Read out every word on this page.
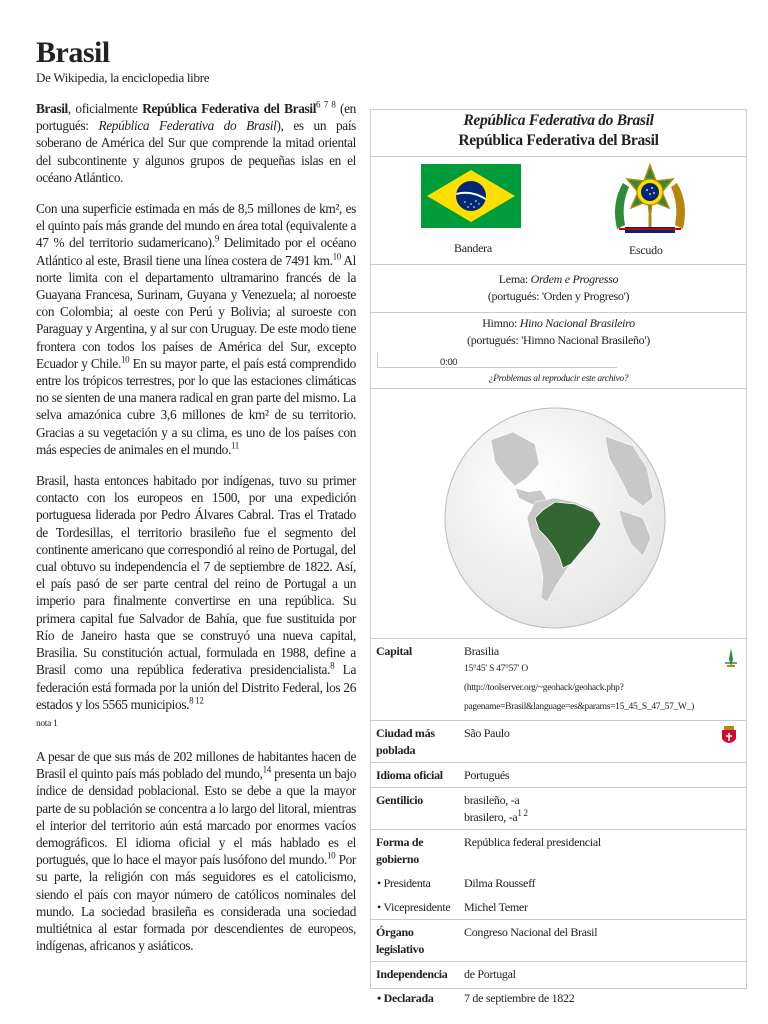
Brasil
De Wikipedia, la enciclopedia libre

Brasil, oficialmente República Federativa del Brasil$^{6 7 8}$ (en portugués: República Federativa do Brasil), es un país soberano de América del Sur que comprende la mitad oriental del subcontinente y algunos grupos de pequeñas islas en el océano Atlántico.

Con una superficie estimada en más de 8,5 millones de km², es el quinto país más grande del mundo en área total (equivalente a 47 % del territorio sudamericano).$^9$ Delimitado por el océano Atlántico al este, Brasil tiene una línea costera de 7491 km.$^{10}$ Al norte limita con el departamento ultramarino francés de la Guayana Francesa, Surinam, Guyana y Venezuela; al noroeste con Colombia; al oeste con Perú y Bolivia; al suroeste con Paraguay y Argentina, y al sur con Uruguay. De este modo tiene frontera con todos los países de América del Sur, excepto Ecuador y Chile.$^{10}$ En su mayor parte, el país está comprendido entre los trópicos terrestres, por lo que las estaciones climáticas no se sienten de una manera radical en gran parte del mismo. La selva amazónica cubre 3,6 millones de km² de su territorio. Gracias a su vegetación y a su clima, es uno de los países con más especies de animales en el mundo.$^{11}$

Brasil, hasta entonces habitado por indígenas, tuvo su primer contacto con los europeos en 1500, por una expedición portuguesa liderada por Pedro Álvares Cabral. Tras el Tratado de Tordesillas, el territorio brasileño fue el segmento del continente americano que correspondió al reino de Portugal, del cual obtuvo su independencia el 7 de septiembre de 1822. Así, el país pasó de ser parte central del reino de Portugal a un imperio para finalmente convertirse en una república. Su primera capital fue Salvador de Bahía, que fue sustituida por Río de Janeiro hasta que se construyó una nueva capital, Brasilia. Su constitución actual, formulada en 1988, define a Brasil como una república federativa presidencialista.$^8$ La federación está formada por la unión del Distrito Federal, los 26 estados y los 5565 municipios.$^{8 12}$
nota 1

A pesar de que sus más de 202 millones de habitantes hacen de Brasil el quinto país más poblado del mundo,$^{14}$ presenta un bajo índice de densidad poblacional. Esto se debe a que la mayor parte de su población se concentra a lo largo del litoral, mientras el interior del territorio aún está marcado por enormes vacíos demográficos. El idioma oficial y el más hablado es el portugués, que lo hace el mayor país lusófono del mundo.$^{10}$ Por su parte, la religión con más seguidores es el catolicismo, siendo el país con mayor número de católicos nominales del mundo. La sociedad brasileña es considerada una sociedad multiétnica al estar formada por descendientes de europeos, indígenas, africanos y asiáticos.

República Federativa do Brasil
República Federativa del Brasil
Bandera	Escudo
Lema: Ordem e Progresso
(portugués: 'Orden y Progreso')
Himno: Hino Nacional Brasileiro
(portugués: 'Himno Nacional Brasileño')
0:00
¿Problemas al reproducir este archivo?
Capital	Brasilia
15°45′ S 47°57′ O
(http://toolserver.org/~geohack/geohack.php?
pagename=Brasil&language=es&params=15_45_S_47_57_W_)

Ciudad más poblada	São Paulo

Idioma oficial	Portugués
Gentilicio	brasileño, -a
brasilero, $-a^{1 2}$

Forma de gobierno	República federal presidencial
• Presidenta	Dilma Rousseff
• Vicepresidente	Michel Temer
Órgano legislativo	Congreso Nacional del Brasil
Independencia	de Portugal
• Declarada	7 de septiembre de 1822
